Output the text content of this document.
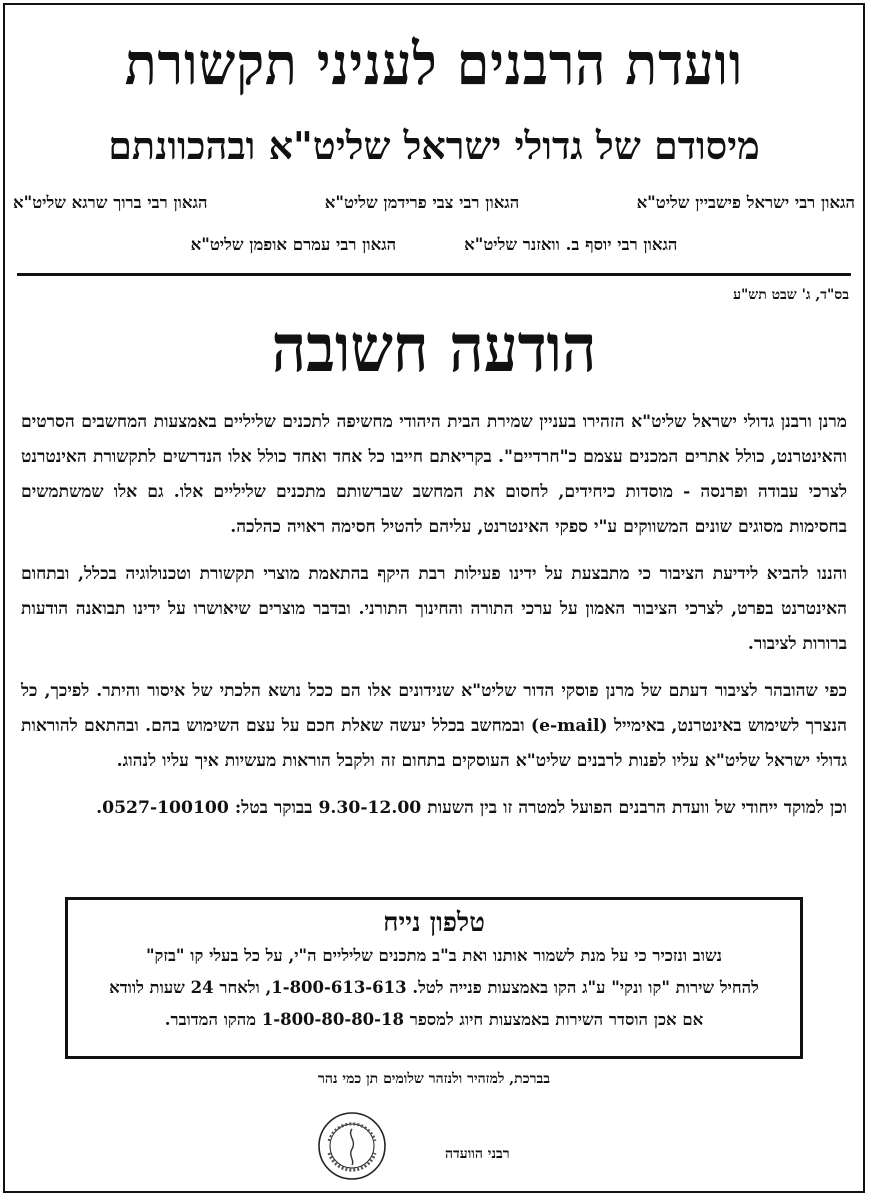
וועדת הרבנים לעניני תקשורת
מיסודם של גדולי ישראל שליט"א ובהכוונתם
הגאון רבי ישראל פישביין שליט"א
הגאון רבי צבי פרידמן שליט"א
הגאון רבי ברוך שרגא שליט"א
הגאון רבי יוסף ב. וואזנר שליט"א
הגאון רבי עמרם אופמן שליט"א
בס"ד, ג' שבט תש"ע
הודעה חשובה

מרנן ורבנן גדולי ישראל שליט"א הזהירו בעניין שמירת הבית היהודי מחשיפה לתכנים שליליים באמצעות המחשבים הסרטים והאינטרנט, כולל אתרים המכנים עצמם כ"חרדיים". בקריאתם חייבו כל אחד ואחד כולל אלו הנדרשים לתקשורת האינטרנט לצרכי עבודה ופרנסה - מוסדות כיחידים, לחסום את המחשב שברשותם מתכנים שליליים אלו. גם אלו שמשתמשים בחסימות מסוגים שונים המשווקים ע"י ספקי האינטרנט, עליהם להטיל חסימה ראויה כהלכה.

והננו להביא לידיעת הציבור כי מתבצעת על ידינו פעילות רבת היקף בהתאמת מוצרי תקשורת וטכנולוגיה בכלל, ובתחום האינטרנט בפרט, לצרכי הציבור האמון על ערכי התורה והחינוך התורני. ובדבר מוצרים שיאושרו על ידינו תבואנה הודעות ברורות לציבור.

כפי שהובהר לציבור דעתם של מרנן פוסקי הדור שליט"א שנידונים אלו הם ככל נושא הלכתי של איסור והיתר. לפיכך, כל הנצרך לשימוש באינטרנט, באימייל (e-mail) ובמחשב בכלל יעשה שאלת חכם על עצם השימוש בהם. ובהתאם להוראות גדולי ישראל שליט"א עליו לפנות לרבנים שליט"א העוסקים בתחום זה ולקבל הוראות מעשיות איך עליו לנהוג.

וכן למוקד ייחודי של וועדת הרבנים הפועל למטרה זו בין השעות 9.30-12.00 בבוקר בטל: 0527-100100.

טלפון נייח
נשוב ונזכיר כי על מנת לשמור אותנו ואת ב"ב מתכנים שליליים ה"י, על כל בעלי קו "בזק"
להחיל שירות "קו ונקי" ע"ג הקו באמצעות פנייה לטל. 1-800-613-613, ולאחר 24 שעות לוודא
אם אכן הוסדר השירות באמצעות חיוג למספר 1-800-80-80-18 מהקו המדובר.
בברכת, למזהיר ולנזהר שלומים תן כמי נהר
רבני הוועדה
